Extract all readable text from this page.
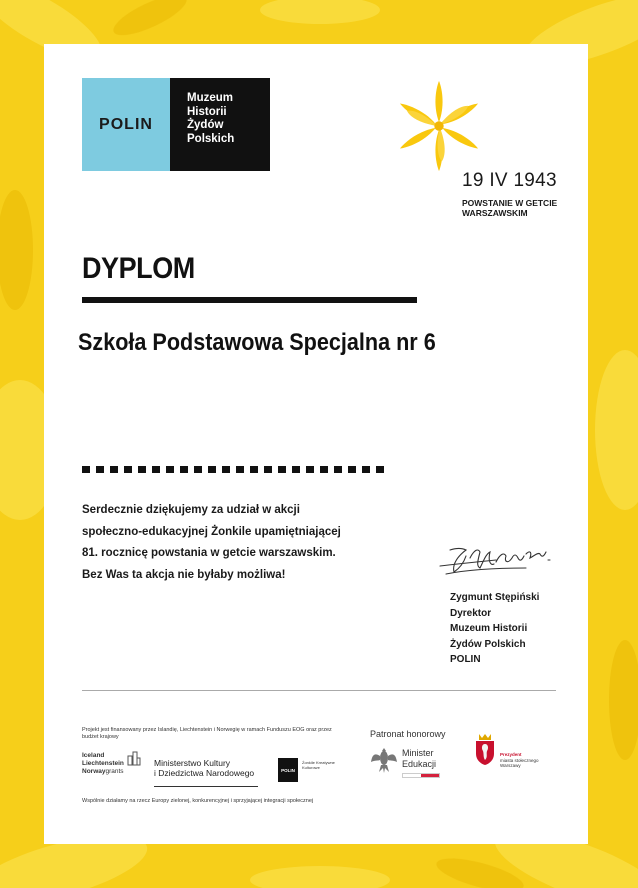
POLIN
Muzeum
Historii
Żydów
Polskich
19 IV 1943
POWSTANIE W GETCIE
WARSZAWSKIM
DYPLOM
Szkoła Podstawowa Specjalna nr 6
Serdecznie dziękujemy za udział w akcji
społeczno-edukacyjnej Żonkile upamiętniającej
81. rocznicę powstania w getcie warszawskim.
Bez Was ta akcja nie byłaby możliwa!
Zygmunt Stępiński
Dyrektor
Muzeum Historii
Żydów Polskich
POLIN
Projekt jest finansowany przez Islandię, Liechtenstein i Norwegię w ramach Funduszu EOG oraz przez budżet krajowy
Iceland
Liechtenstein
Norwaygrants
Ministerstwo Kultury
i Dziedzictwa Narodowego	POLIN
Żonkile Kreatywne Kulturowe
Wspólnie działamy na rzecz Europy zielonej, konkurencyjnej i sprzyjającej integracji społecznej
Patronat honorowy
Minister
Edukacji
Prezydent
miasta stołecznego
Warszawy
